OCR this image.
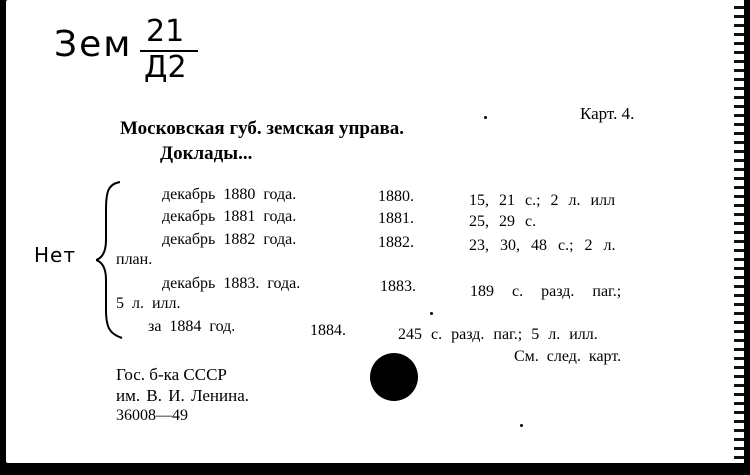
Зем 21
Д2
Нет
Карт. 4.
Московская губ. земская управа.
Доклады...
декабрь 1880 года.	1880.	15, 21 с.; 2 л. илл
декабрь 1881 года.	1881.	25, 29 с.
декабрь 1882 года.	1882.	23, 30, 48 с.; 2 л.
план.
декабрь 1883. года.	1883.	189 с. разд. паг.;
5 л. илл.
за 1884 год.	1884.	245 с. разд. паг.; 5 л. илл.
См. след. карт.
Гос. б-ка СССР
им. В. И. Ленина.
36008—49
